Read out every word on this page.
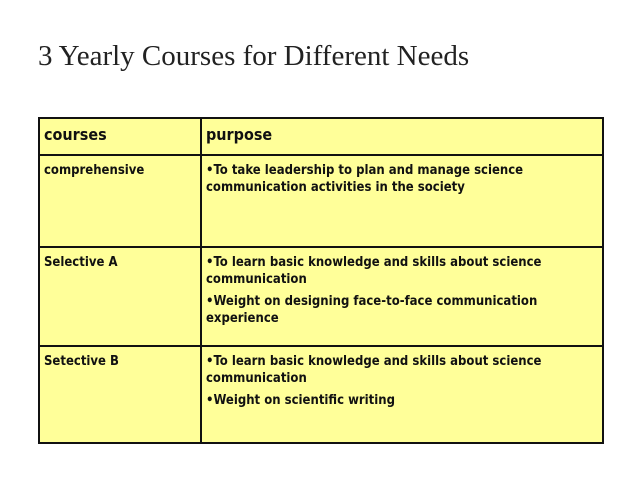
3 Yearly Courses for Different Needs
courses	purpose
comprehensive	•To take leadership to plan and manage science communication activities in the society

Selective A	•To learn basic knowledge and skills about science communication
•Weight on designing face-to-face communication experience

Setective B	•To learn basic knowledge and skills about science communication
•Weight on scientific writing
